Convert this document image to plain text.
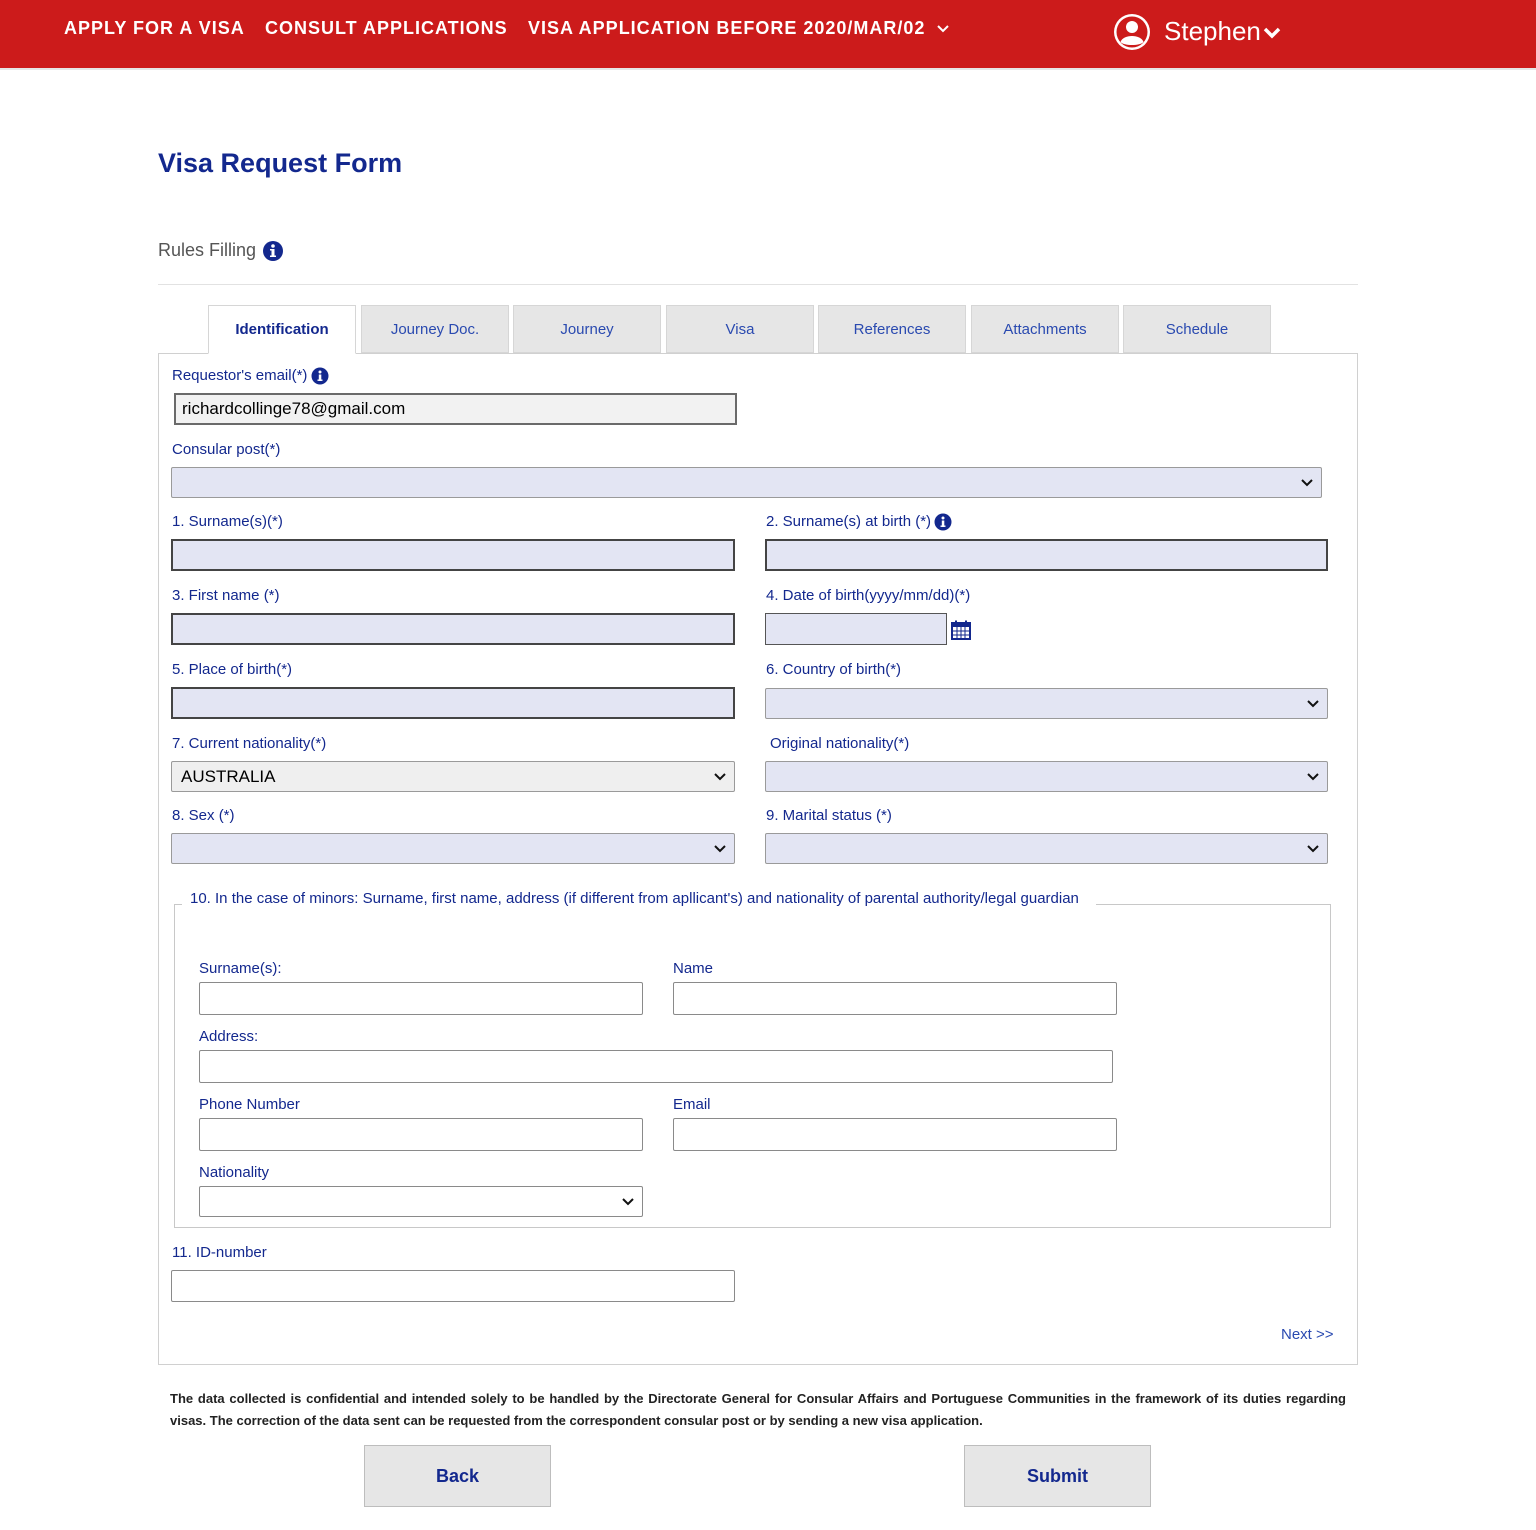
APPLY FOR A VISA CONSULT APPLICATIONS VISA APPLICATION BEFORE 2020/MAR/02	Stephen
Visa Request Form
Rules Filling
Identification	Journey Doc.	Journey	Visa	References	Attachments	Schedule
Requestor's email(*)
richardcollinge78@gmail.com
Consular post(*)
1. Surname(s)(*)	2. Surname(s) at birth (*)
3. First name (*)	4. Date of birth(yyyy/mm/dd)(*)
5. Place of birth(*)	6. Country of birth(*)
7. Current nationality(*)
AUSTRALIA
Original nationality(*)
8. Sex (*)	9. Marital status (*)
10. In the case of minors: Surname, first name, address (if different from apllicant's) and nationality of parental authority/legal guardian
Surname(s):	Name
Address:
Phone Number	Email
Nationality
11. ID-number
Next >>
The data collected is confidential and intended solely to be handled by the Directorate General for Consular Affairs and Portuguese Communities in the framework of its duties regarding visas. The correction of the data sent can be requested from the correspondent consular post or by sending a new visa application.
Back	Submit
